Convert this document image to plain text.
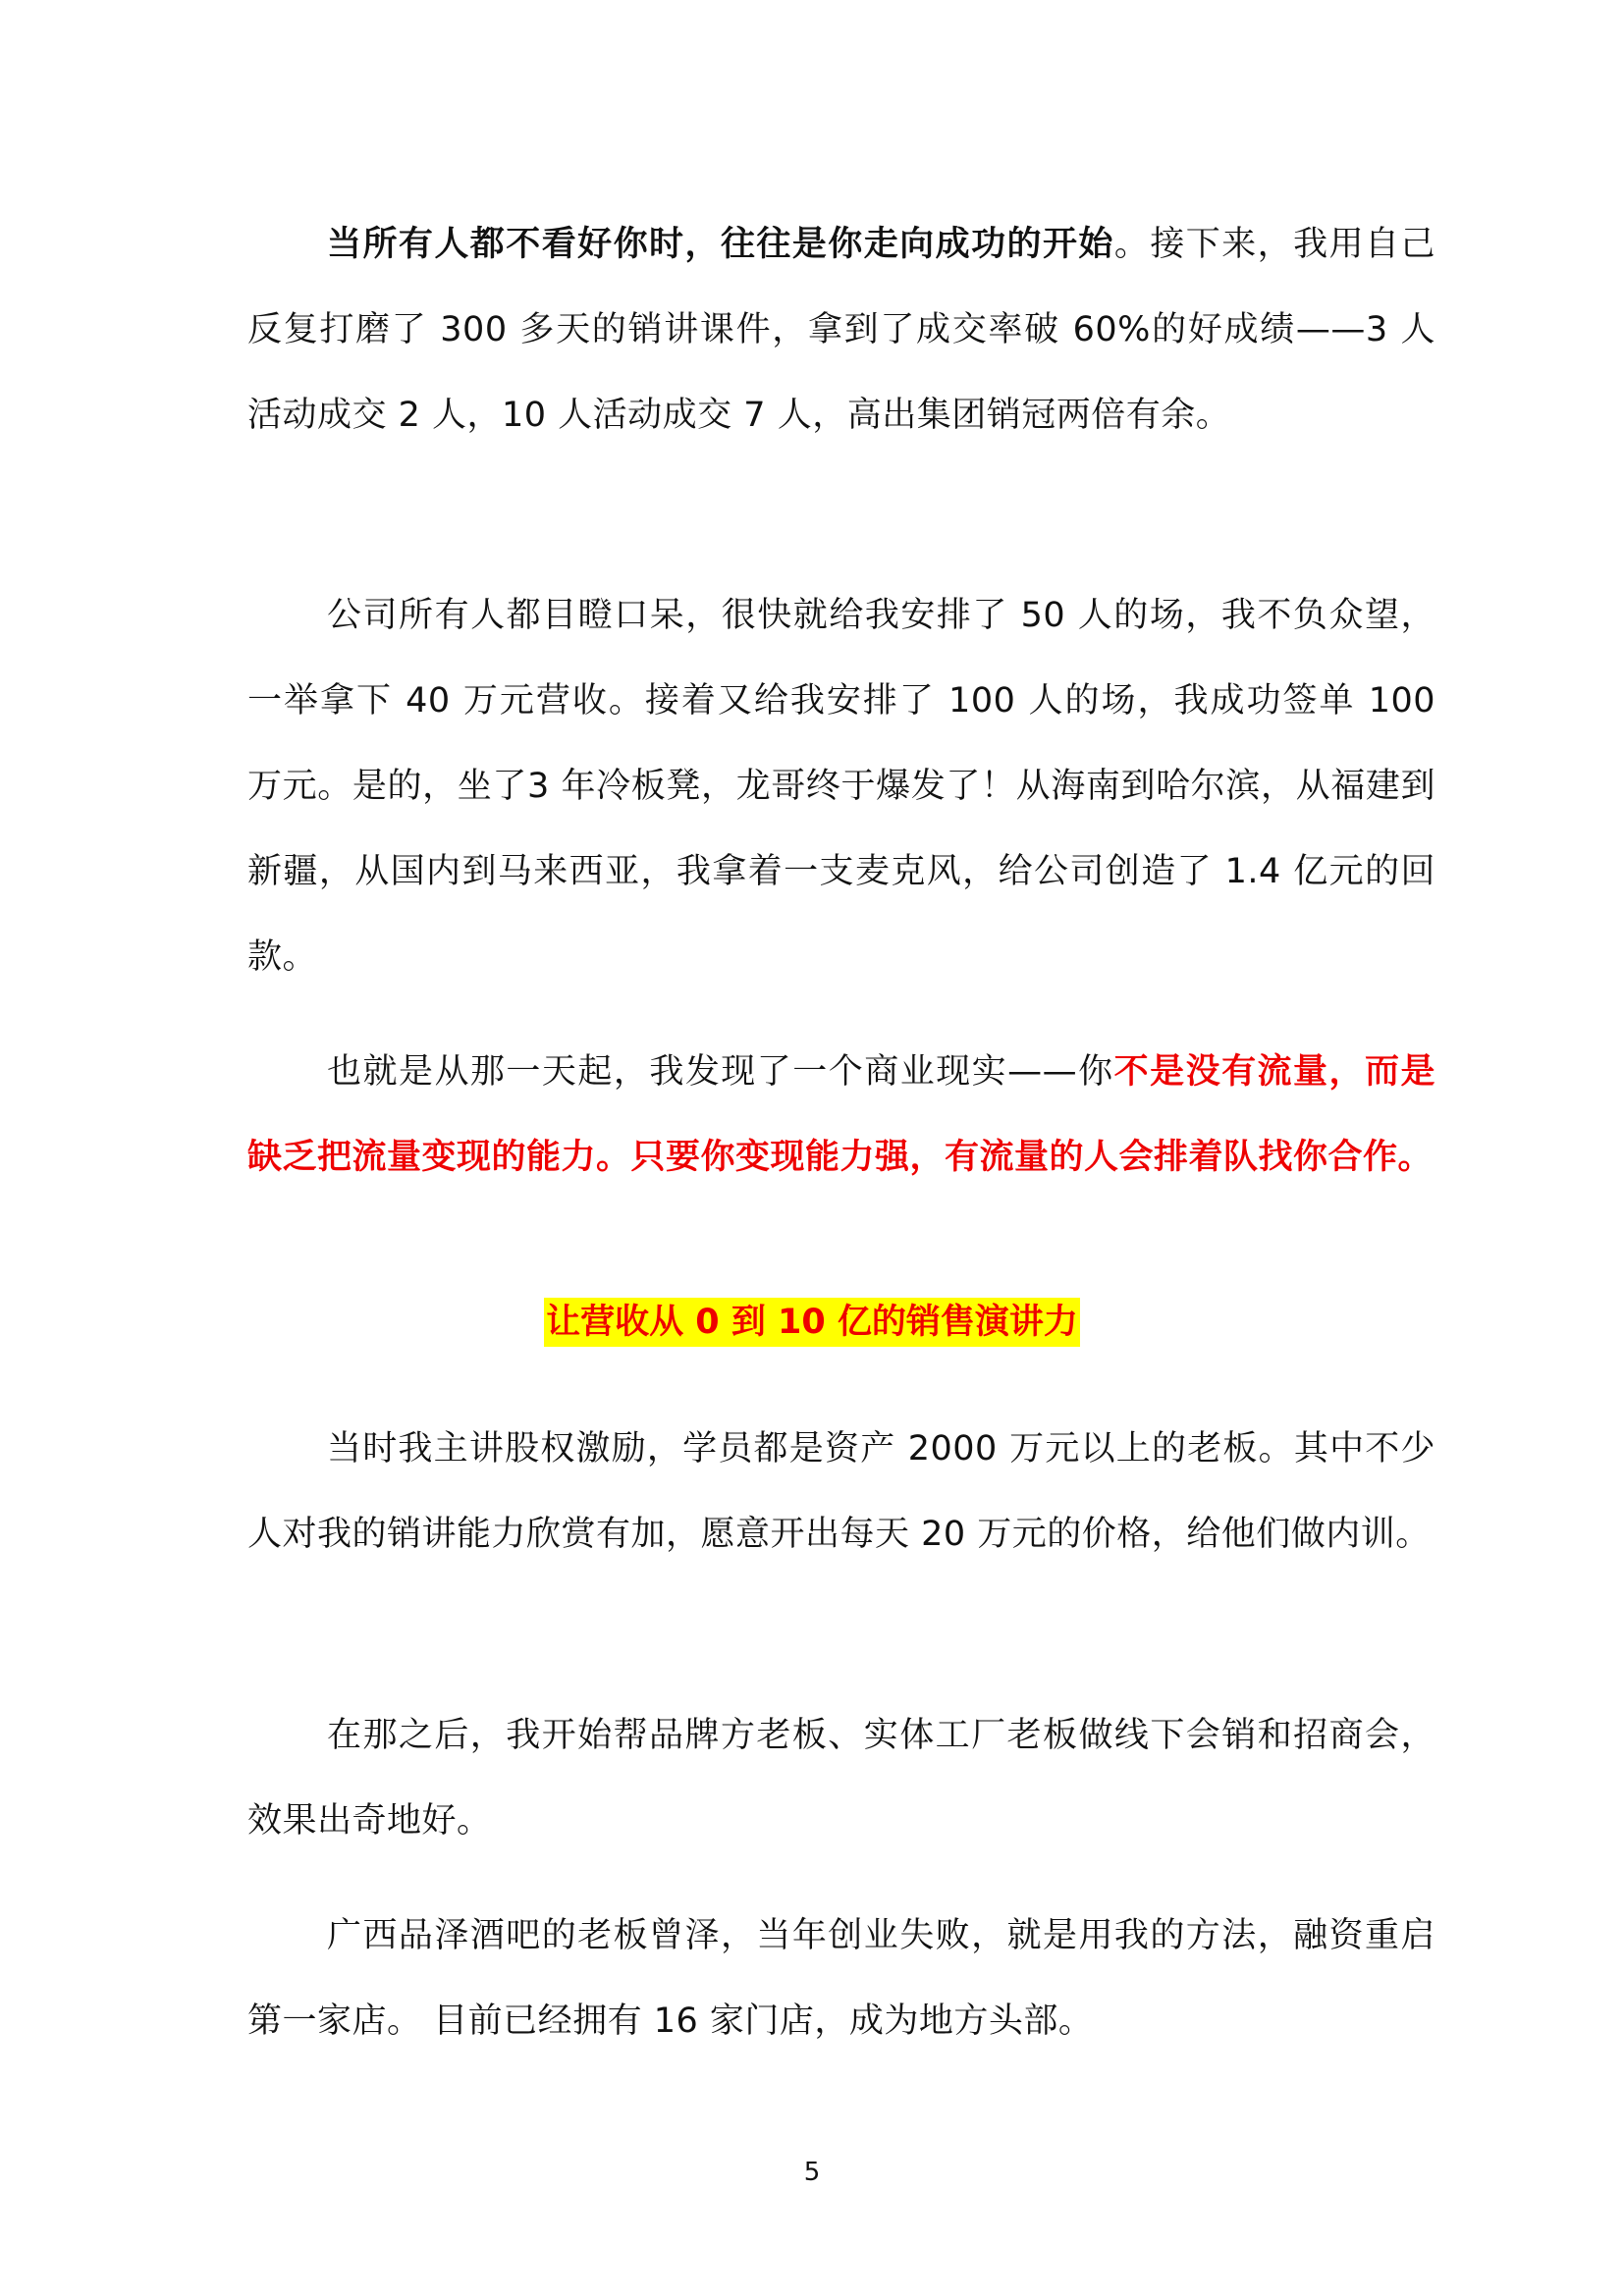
当所有人都不看好你时，往往是你走向成功的开始。接下来，我用自己反复打磨了 300 多天的销讲课件，拿到了成交率破 60%的好成绩——3 人活动成交 2 人，10 人活动成交 7 人，高出集团销冠两倍有余。

公司所有人都目瞪口呆，很快就给我安排了 50 人的场，我不负众望，一举拿下 40 万元营收。接着又给我安排了 100 人的场，我成功签单 100 万元。是的，坐了3 年冷板凳，龙哥终于爆发了！从海南到哈尔滨，从福建到新疆，从国内到马来西亚，我拿着一支麦克风，给公司创造了 1.4 亿元的回款。

也就是从那一天起，我发现了一个商业现实——你不是没有流量，而是缺乏把流量变现的能力。只要你变现能力强，有流量的人会排着队找你合作。

让营收从 0 到 10 亿的销售演讲力

当时我主讲股权激励，学员都是资产 2000 万元以上的老板。其中不少人对我的销讲能力欣赏有加，愿意开出每天 20 万元的价格，给他们做内训。

在那之后，我开始帮品牌方老板、实体工厂老板做线下会销和招商会，效果出奇地好。

广西品泽酒吧的老板曾泽，当年创业失败，就是用我的方法，融资重启第一家店。 目前已经拥有 16 家门店，成为地方头部。

5
